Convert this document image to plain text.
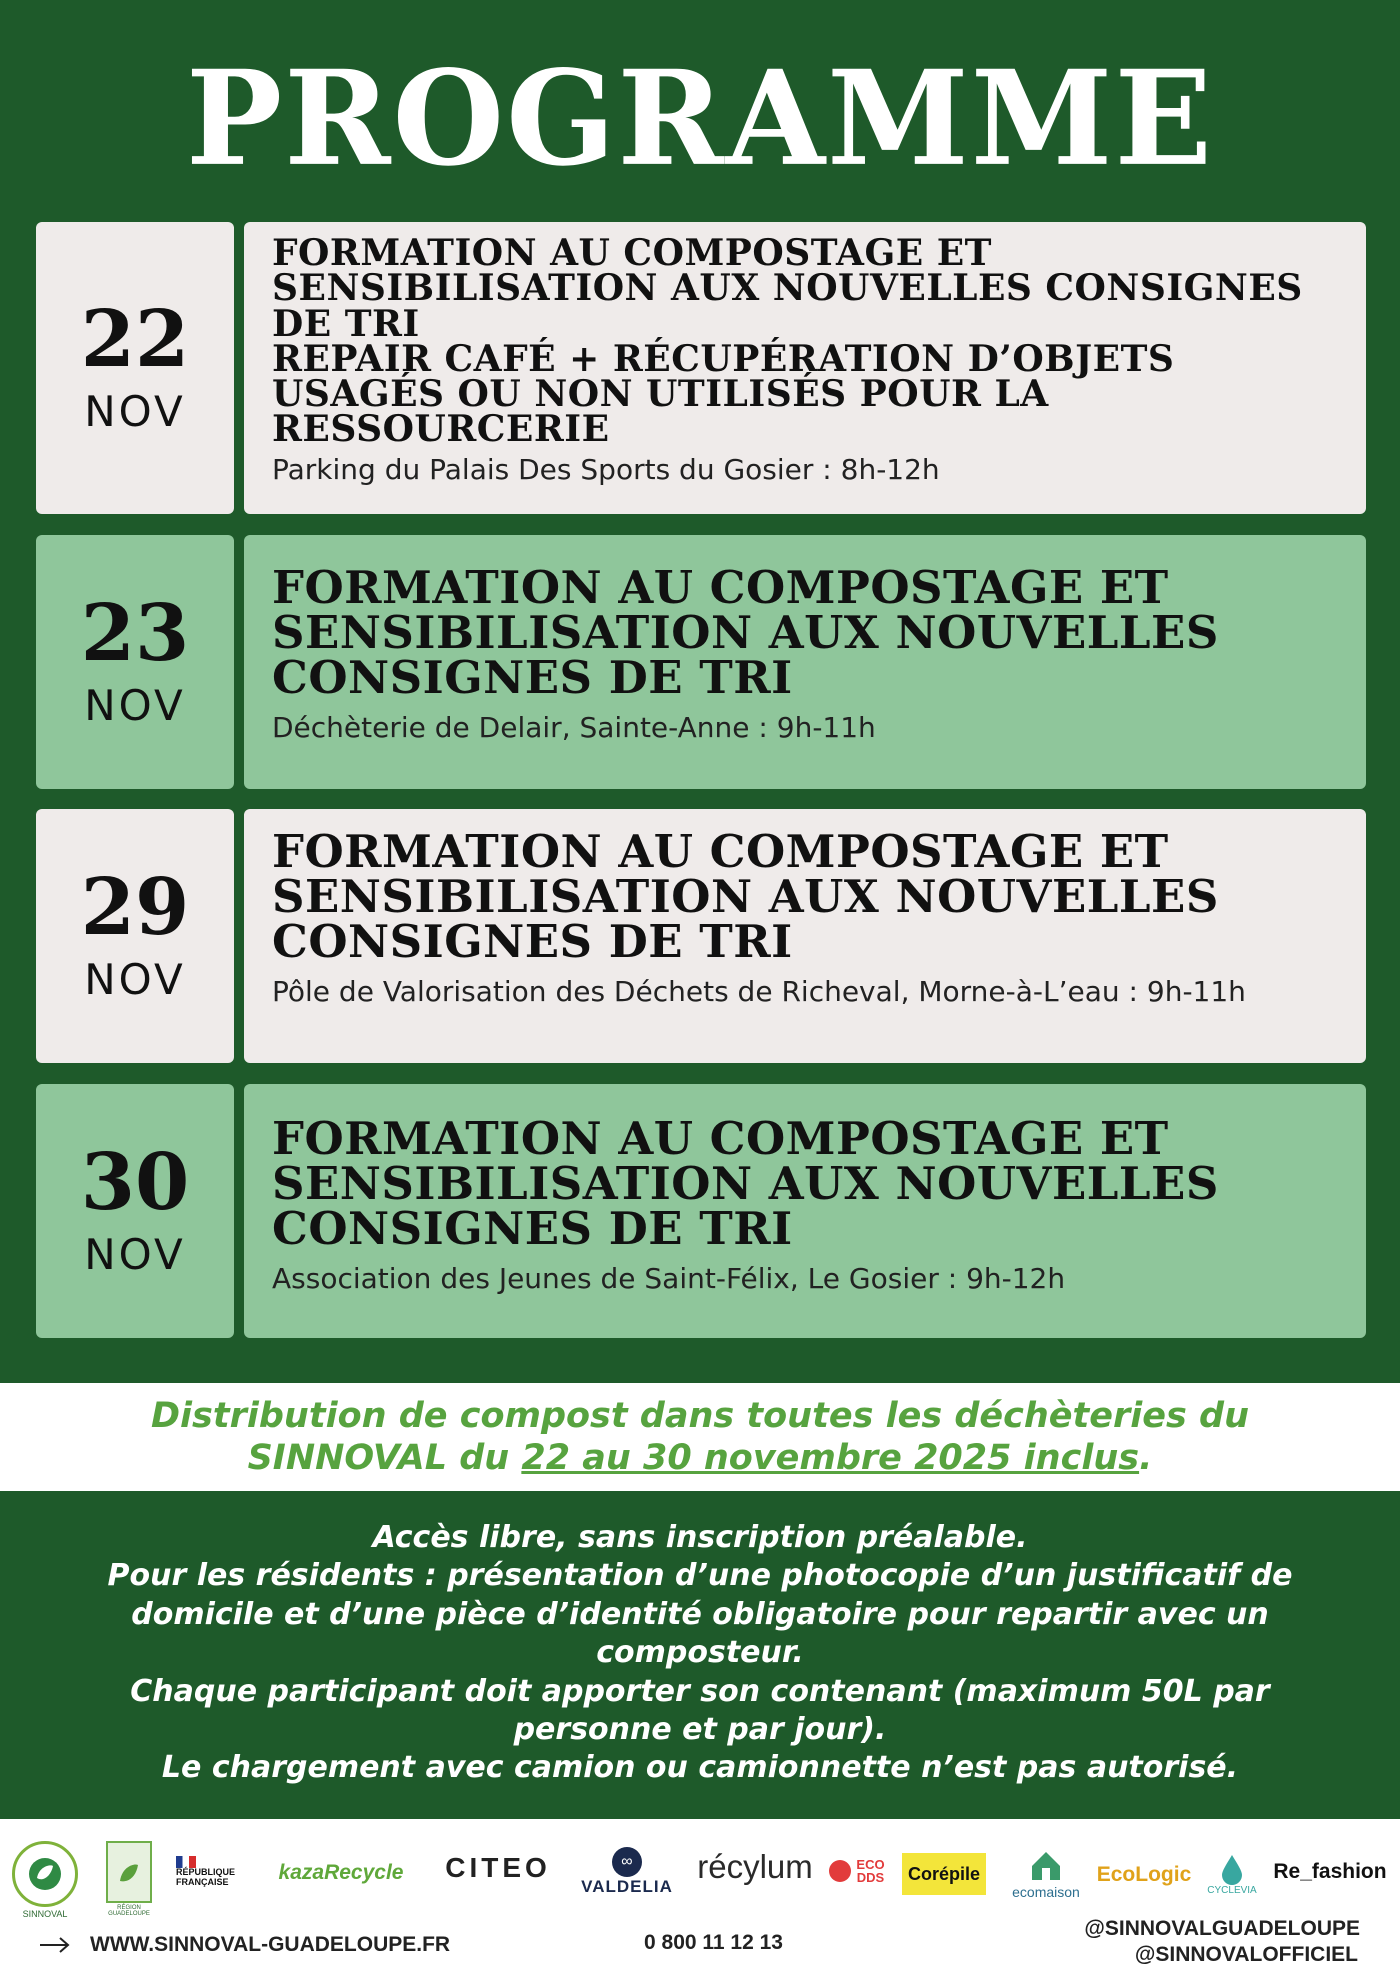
PROGRAMME
22
NOV
FORMATION AU COMPOSTAGE ET
SENSIBILISATION AUX NOUVELLES CONSIGNES
DE TRI
REPAIR CAFÉ + RÉCUPÉRATION D’OBJETS
USAGÉS OU NON UTILISÉS POUR LA
RESSOURCERIE
Parking du Palais Des Sports du Gosier : 8h-12h
23
NOV
FORMATION AU COMPOSTAGE ET
SENSIBILISATION AUX NOUVELLES
CONSIGNES DE TRI
Déchèterie de Delair, Sainte-Anne : 9h-11h
29
NOV
FORMATION AU COMPOSTAGE ET
SENSIBILISATION AUX NOUVELLES
CONSIGNES DE TRI
Pôle de Valorisation des Déchets de Richeval, Morne-à-L’eau : 9h-11h
30
NOV
FORMATION AU COMPOSTAGE ET
SENSIBILISATION AUX NOUVELLES
CONSIGNES DE TRI
Association des Jeunes de Saint-Félix, Le Gosier : 9h-12h
Distribution de compost dans toutes les déchèteries du
SINNOVAL du 22 au 30 novembre 2025 inclus.
Accès libre, sans inscription préalable.
Pour les résidents : présentation d’une photocopie d’un justificatif de
domicile et d’une pièce d’identité obligatoire pour repartir avec un
composteur.
Chaque participant doit apporter son contenant (maximum 50L par
personne et par jour).
Le chargement avec camion ou camionnette n’est pas autorisé.
SINNOVAL
RÉGION GUADELOUPE
RÉPUBLIQUE FRANÇAISE	kazaRecycle	CITEO	∞
VALDELIA
récylum	ECO DDS	Corépile
ecomaison
EcoLogic
CYCLEVIA
Re_fashion
WWW.SINNOVAL-GUADELOUPE.FR	0 800 11 12 13
@SINNOVALGUADELOUPE
@SINNOVALOFFICIEL
